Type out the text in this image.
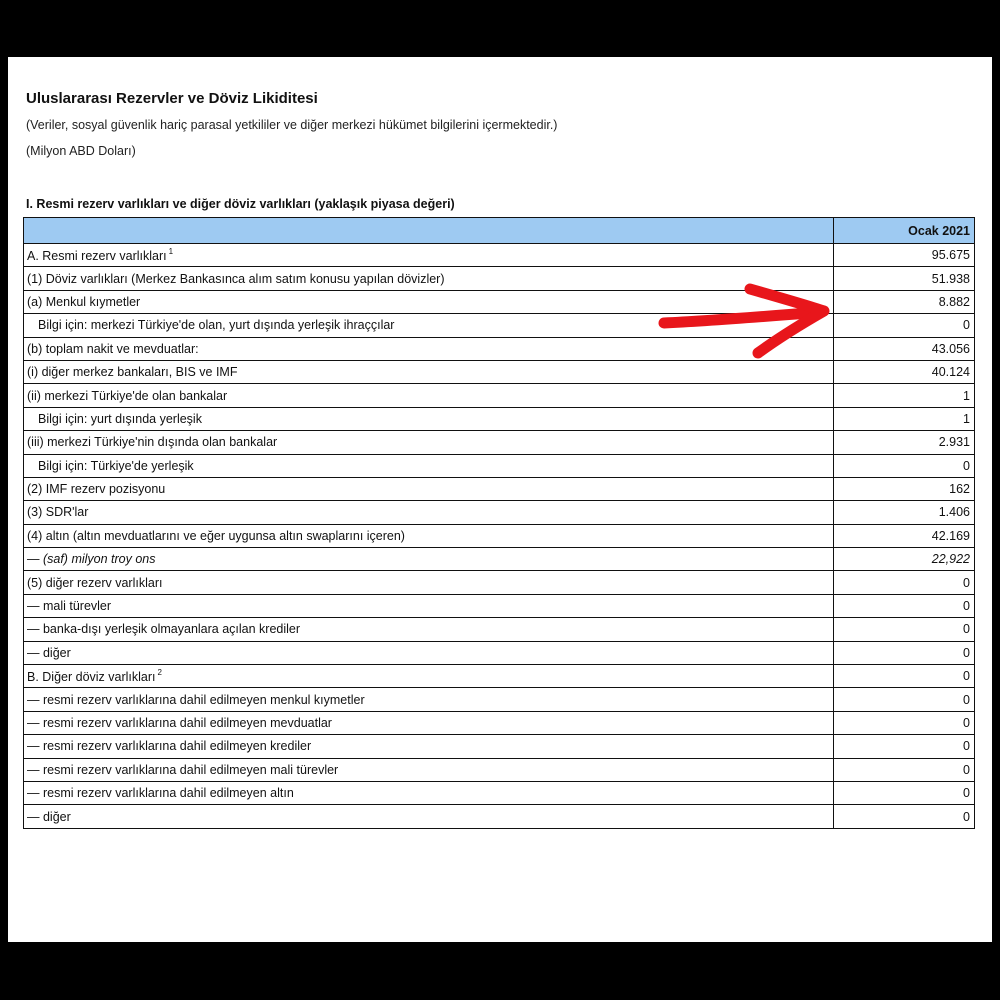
Uluslararası Rezervler ve Döviz Likiditesi
(Veriler, sosyal güvenlik hariç parasal yetkililer ve diğer merkezi hükümet bilgilerini içermektedir.)
(Milyon ABD Doları)
I. Resmi rezerv varlıkları ve diğer döviz varlıkları (yaklaşık piyasa değeri)
	Ocak 2021
A. Resmi rezerv varlıkları $^1$	95.675
(1) Döviz varlıkları (Merkez Bankasınca alım satım konusu yapılan dövizler)	51.938
(a) Menkul kıymetler	8.882
Bilgi için: merkezi Türkiye'de olan, yurt dışında yerleşik ihraççılar	0
(b) toplam nakit ve mevduatlar:	43.056
(i) diğer merkez bankaları, BIS ve IMF	40.124
(ii) merkezi Türkiye'de olan bankalar	1
Bilgi için: yurt dışında yerleşik	1
(iii) merkezi Türkiye'nin dışında olan bankalar	2.931
Bilgi için: Türkiye'de yerleşik	0
(2) IMF rezerv pozisyonu	162
(3) SDR'lar	1.406
(4) altın (altın mevduatlarını ve eğer uygunsa altın swaplarını içeren)	42.169
— (saf) milyon troy ons	22,922
(5) diğer rezerv varlıkları	0
— mali türevler	0
— banka-dışı yerleşik olmayanlara açılan krediler	0
— diğer	0
B. Diğer döviz varlıkları $^2$	0
— resmi rezerv varlıklarına dahil edilmeyen menkul kıymetler	0
— resmi rezerv varlıklarına dahil edilmeyen mevduatlar	0
— resmi rezerv varlıklarına dahil edilmeyen krediler	0
— resmi rezerv varlıklarına dahil edilmeyen mali türevler	0
— resmi rezerv varlıklarına dahil edilmeyen altın	0
— diğer	0
